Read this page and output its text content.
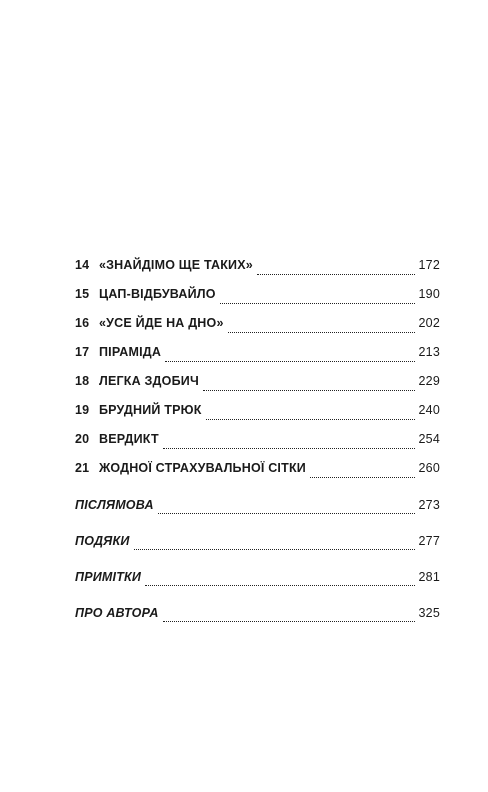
14 «ЗНАЙДІМО ЩЕ ТАКИХ»	172
15 ЦАП-ВІДБУВАЙЛО	190
16 «УСЕ ЙДЕ НА ДНО»	202
17 ПІРАМІДА	213
18 ЛЕГКА ЗДОБИЧ	229
19 БРУДНИЙ ТРЮК	240
20 ВЕРДИКТ	254
21 ЖОДНОЇ СТРАХУВАЛЬНОЇ СІТКИ	260
ПІСЛЯМОВА	273
ПОДЯКИ	277
ПРИМІТКИ	281
ПРО АВТОРА	325
